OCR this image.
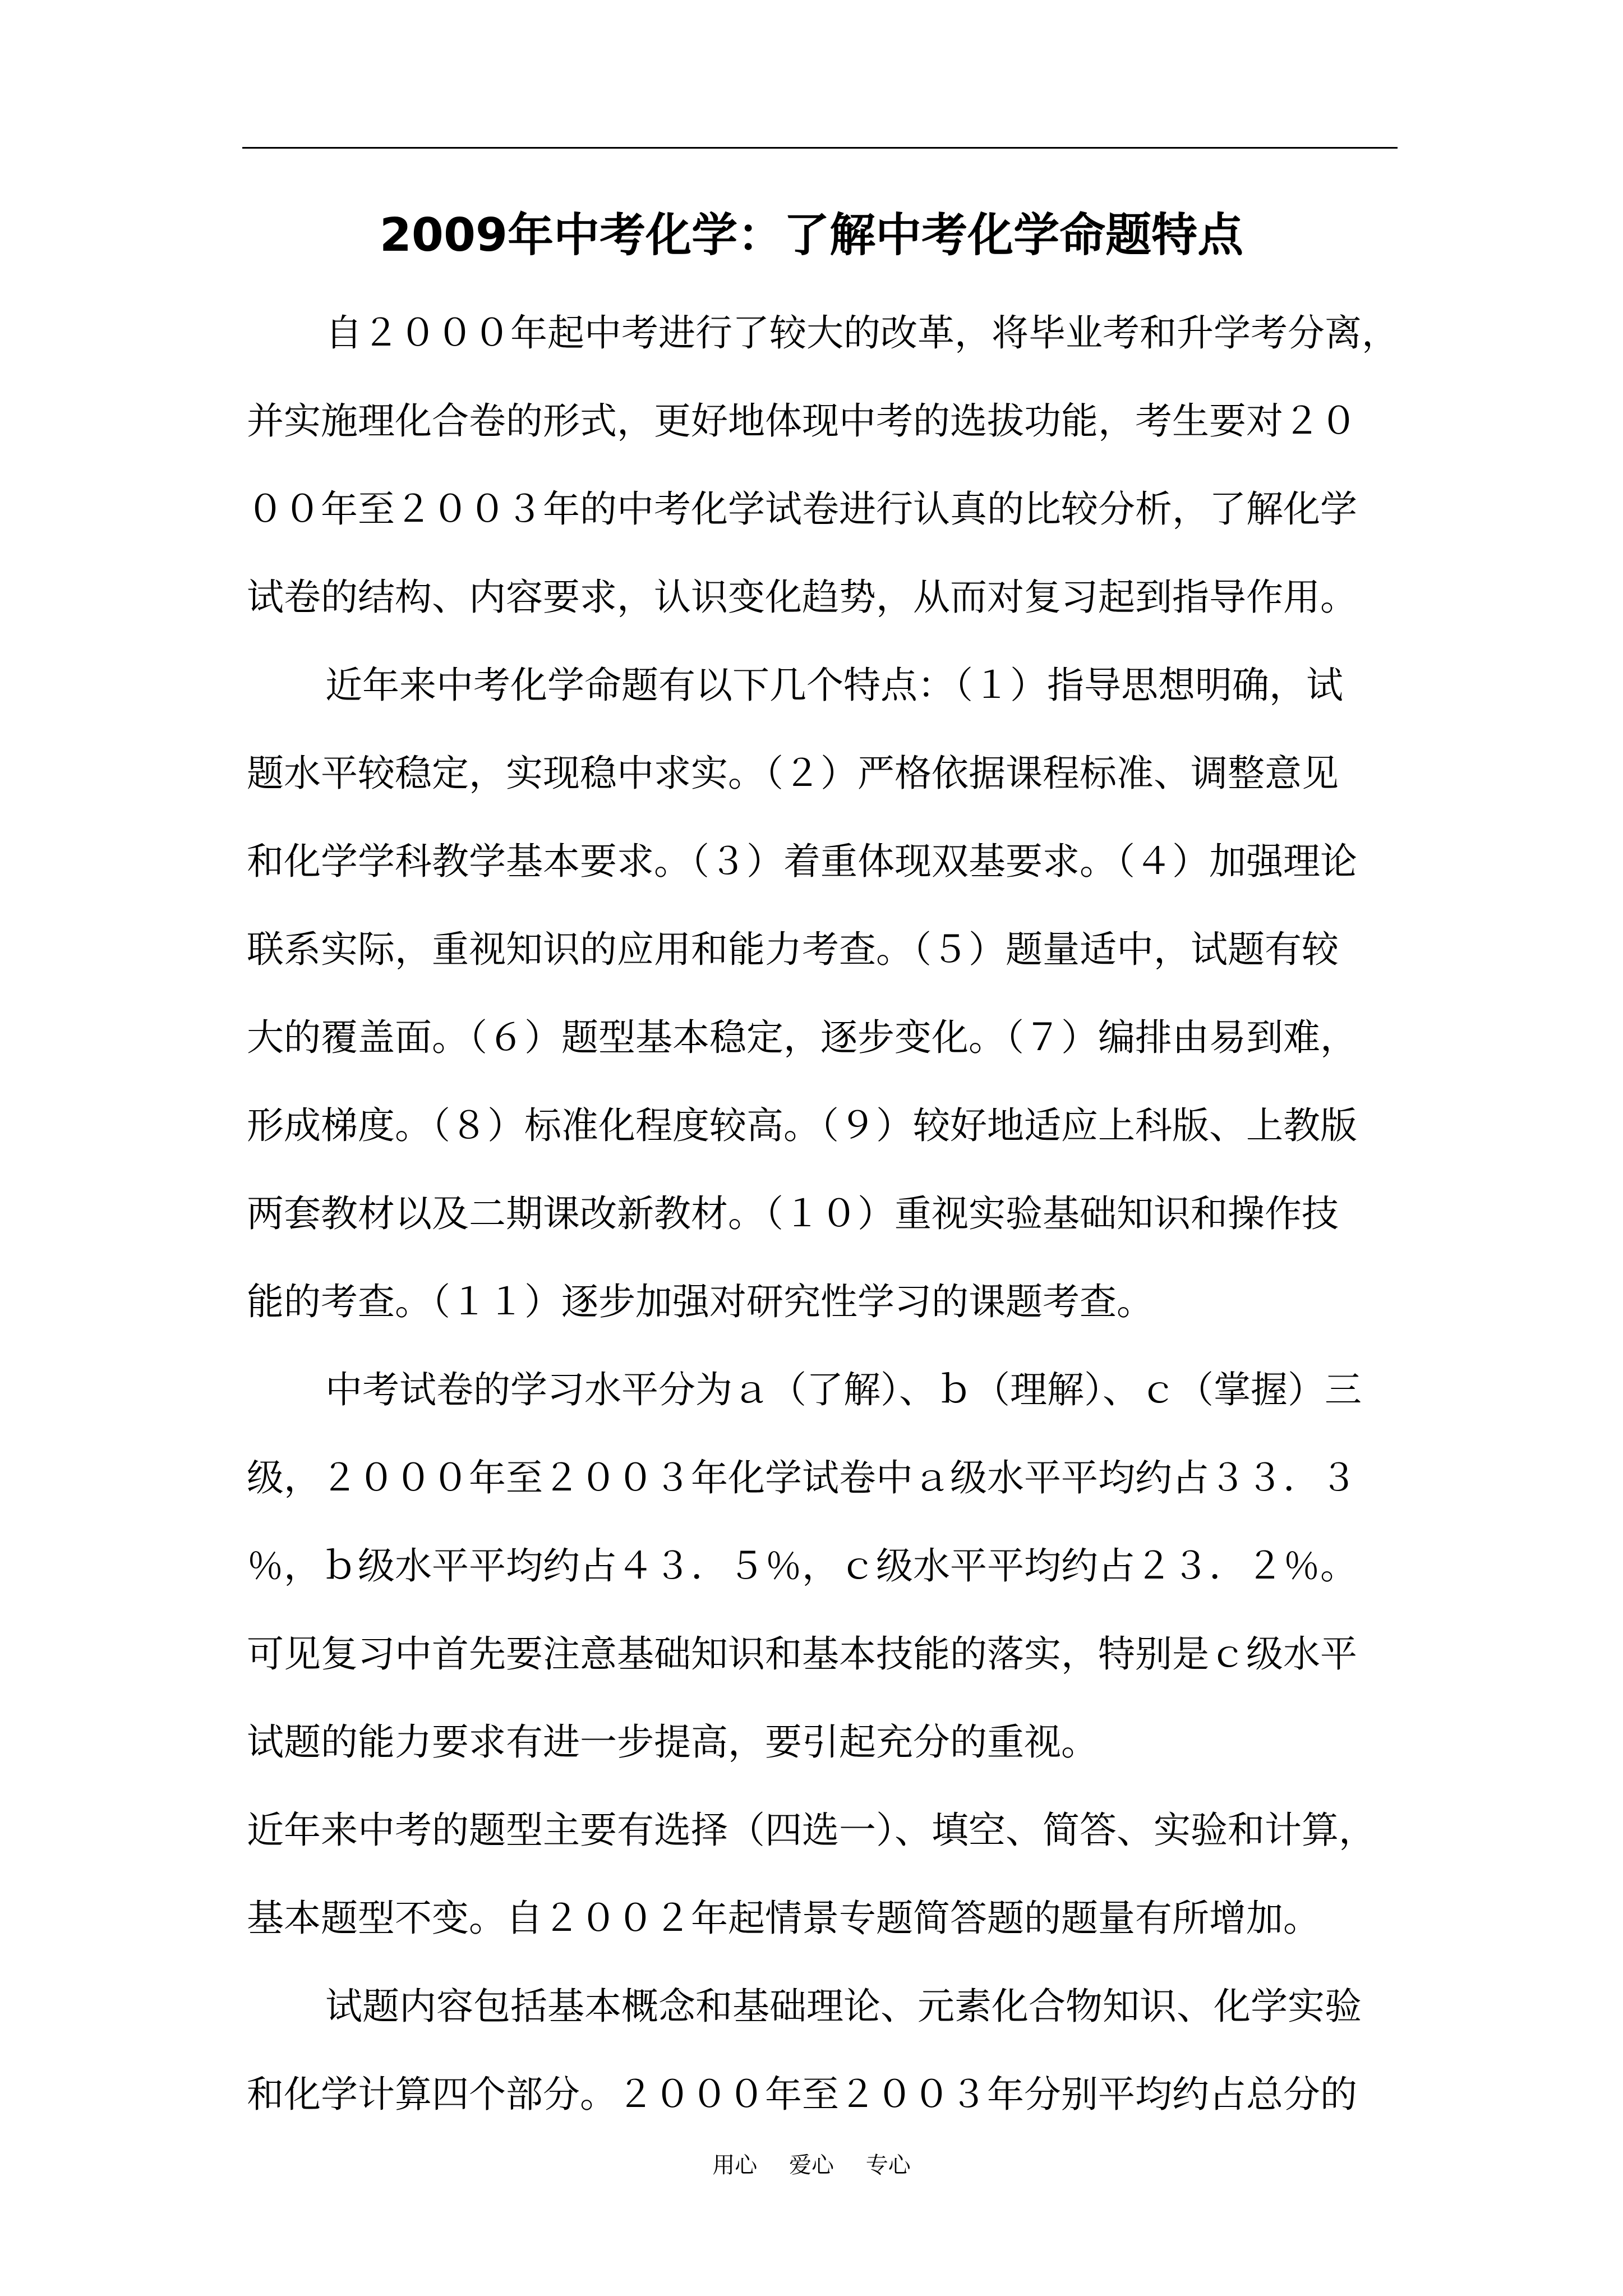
2009年中考化学：了解中考化学命题特点
自２０００年起中考进行了较大的改革，将毕业考和升学考分离，
并实施理化合卷的形式，更好地体现中考的选拔功能，考生要对２０
００年至２００３年的中考化学试卷进行认真的比较分析，了解化学
试卷的结构、内容要求，认识变化趋势，从而对复习起到指导作用。
近年来中考化学命题有以下几个特点：（１）指导思想明确，试
题水平较稳定，实现稳中求实。（２）严格依据课程标准、调整意见
和化学学科教学基本要求。（３）着重体现双基要求。（４）加强理论
联系实际，重视知识的应用和能力考查。（５）题量适中，试题有较
大的覆盖面。（６）题型基本稳定，逐步变化。（７）编排由易到难，
形成梯度。（８）标准化程度较高。（９）较好地适应上科版、上教版
两套教材以及二期课改新教材。（１０）重视实验基础知识和操作技
能的考查。（１１）逐步加强对研究性学习的课题考查。
中考试卷的学习水平分为ａ（了解）、ｂ（理解）、ｃ（掌握）三
级，２０００年至２００３年化学试卷中ａ级水平平均约占３３．３
％，ｂ级水平平均约占４３．５％，ｃ级水平平均约占２３．２％。
可见复习中首先要注意基础知识和基本技能的落实，特别是ｃ级水平
试题的能力要求有进一步提高，要引起充分的重视。
近年来中考的题型主要有选择（四选一）、填空、简答、实验和计算，
基本题型不变。自２００２年起情景专题简答题的题量有所增加。
试题内容包括基本概念和基础理论、元素化合物知识、化学实验
和化学计算四个部分。２０００年至２００３年分别平均约占总分的
用心 爱心 专心
